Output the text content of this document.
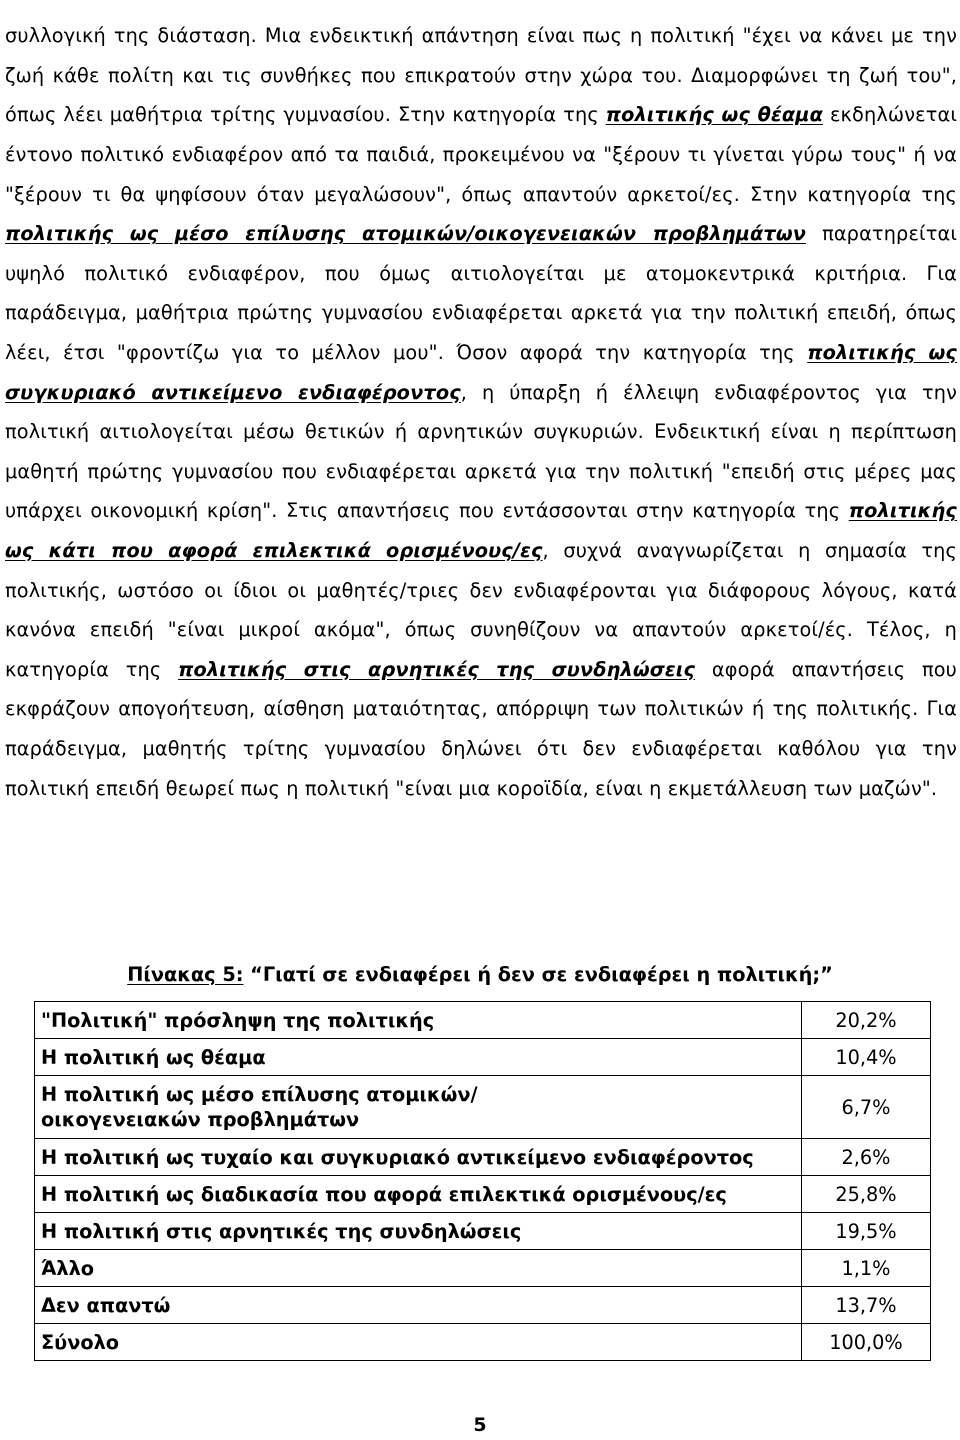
συλλογική της διάσταση. Μια ενδεικτική απάντηση είναι πως η πολιτική "έχει να κάνει με την ζωή κάθε πολίτη και τις συνθήκες που επικρατούν στην χώρα του. Διαμορφώνει τη ζωή του", όπως λέει μαθήτρια τρίτης γυμνασίου. Στην κατηγορία της πολιτικής ως θέαμα εκδηλώνεται έντονο πολιτικό ενδιαφέρον από τα παιδιά, προκειμένου να "ξέρουν τι γίνεται γύρω τους" ή να "ξέρουν τι θα ψηφίσουν όταν μεγαλώσουν", όπως απαντούν αρκετοί/ες. Στην κατηγορία της πολιτικής ως μέσο επίλυσης ατομικών/οικογενειακών προβλημάτων παρατηρείται υψηλό πολιτικό ενδιαφέρον, που όμως αιτιολογείται με ατομοκεντρικά κριτήρια. Για παράδειγμα, μαθήτρια πρώτης γυμνασίου ενδιαφέρεται αρκετά για την πολιτική επειδή, όπως λέει, έτσι "φροντίζω για το μέλλον μου". Όσον αφορά την κατηγορία της πολιτικής ως συγκυριακό αντικείμενο ενδιαφέροντος, η ύπαρξη ή έλλειψη ενδιαφέροντος για την πολιτική αιτιολογείται μέσω θετικών ή αρνητικών συγκυριών. Ενδεικτική είναι η περίπτωση μαθητή πρώτης γυμνασίου που ενδιαφέρεται αρκετά για την πολιτική "επειδή στις μέρες μας υπάρχει οικονομική κρίση". Στις απαντήσεις που εντάσσονται στην κατηγορία της πολιτικής ως κάτι που αφορά επιλεκτικά ορισμένους/ες, συχνά αναγνωρίζεται η σημασία της πολιτικής, ωστόσο οι ίδιοι οι μαθητές/τριες δεν ενδιαφέρονται για διάφορους λόγους, κατά κανόνα επειδή "είναι μικροί ακόμα", όπως συνηθίζουν να απαντούν αρκετοί/ές. Τέλος, η κατηγορία της πολιτικής στις αρνητικές της συνδηλώσεις αφορά απαντήσεις που εκφράζουν απογοήτευση, αίσθηση ματαιότητας, απόρριψη των πολιτικών ή της πολιτικής. Για παράδειγμα, μαθητής τρίτης γυμνασίου δηλώνει ότι δεν ενδιαφέρεται καθόλου για την πολιτική επειδή θεωρεί πως η πολιτική "είναι μια κοροϊδία, είναι η εκμετάλλευση των μαζών".

Πίνακας 5: “Γιατί σε ενδιαφέρει ή δεν σε ενδιαφέρει η πολιτική;”
"Πολιτική" πρόσληψη της πολιτικής	20,2%
Η πολιτική ως θέαμα	10,4%
Η πολιτική ως μέσο επίλυσης ατομικών/οικογενειακών προβλημάτων	6,7%
Η πολιτική ως τυχαίο και συγκυριακό αντικείμενο ενδιαφέροντος	2,6%
Η πολιτική ως διαδικασία που αφορά επιλεκτικά ορισμένους/ες	25,8%
Η πολιτική στις αρνητικές της συνδηλώσεις	19,5%
Άλλο	1,1%
Δεν απαντώ	13,7%
Σύνολο	100,0%
5
